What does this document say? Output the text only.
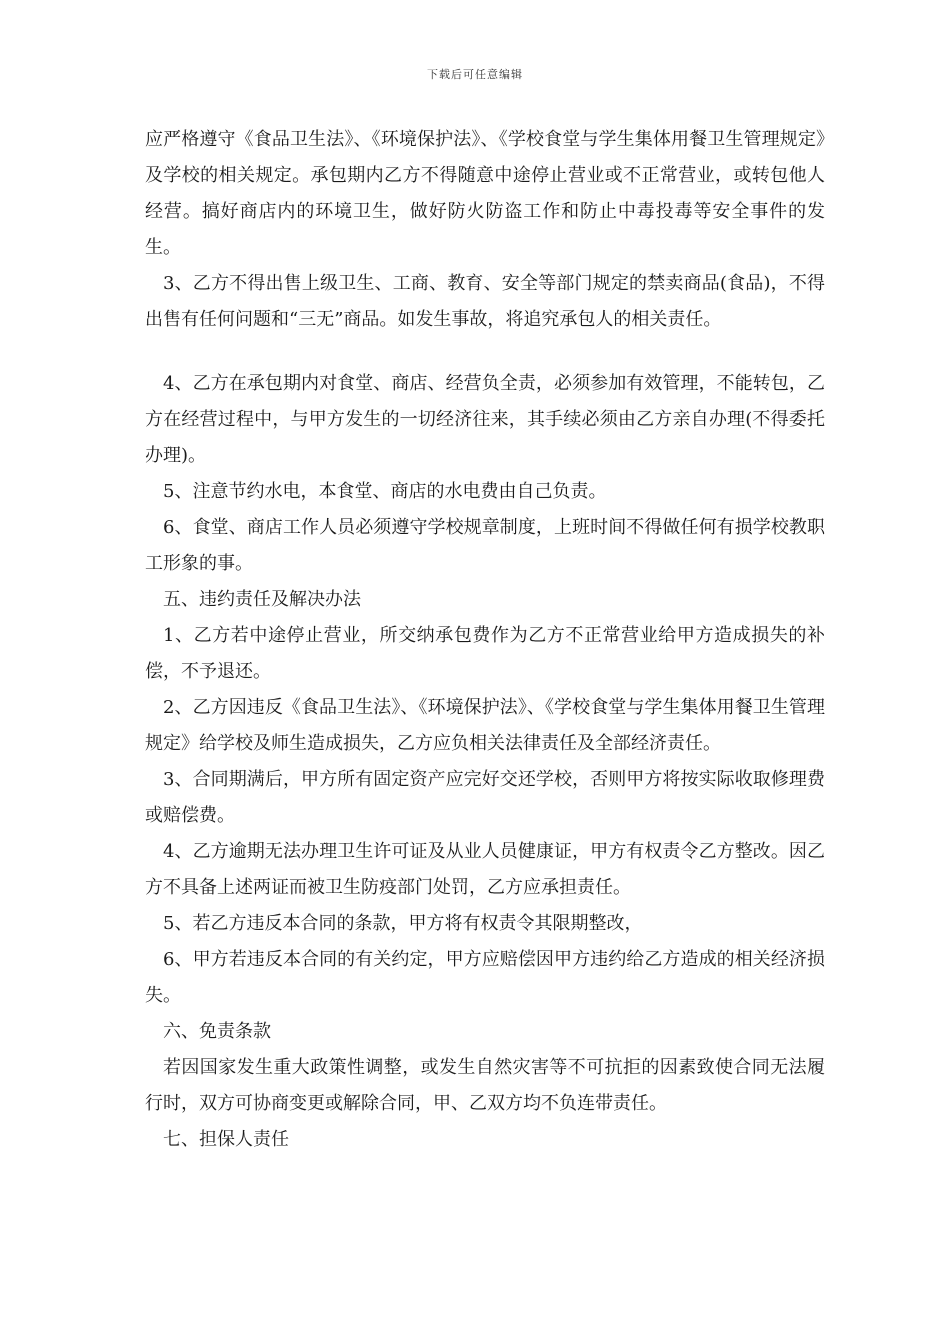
下载后可任意编辑

应严格遵守《食品卫生法》、《环境保护法》、《学校食堂与学生集体用餐卫生管理规定》及学校的相关规定。承包期内乙方不得随意中途停止营业或不正常营业，或转包他人经营。搞好商店内的环境卫生，做好防火防盗工作和防止中毒投毒等安全事件的发生。

3、乙方不得出售上级卫生、工商、教育、安全等部门规定的禁卖商品(食品)，不得出售有任何问题和“三无”商品。如发生事故，将追究承包人的相关责任。

4、乙方在承包期内对食堂、商店、经营负全责，必须参加有效管理，不能转包，乙方在经营过程中，与甲方发生的一切经济往来，其手续必须由乙方亲自办理(不得委托办理)。

5、注意节约水电，本食堂、商店的水电费由自己负责。

6、食堂、商店工作人员必须遵守学校规章制度，上班时间不得做任何有损学校教职工形象的事。

五、违约责任及解决办法

1、乙方若中途停止营业，所交纳承包费作为乙方不正常营业给甲方造成损失的补偿，不予退还。

2、乙方因违反《食品卫生法》、《环境保护法》、《学校食堂与学生集体用餐卫生管理规定》给学校及师生造成损失，乙方应负相关法律责任及全部经济责任。

3、合同期满后，甲方所有固定资产应完好交还学校，否则甲方将按实际收取修理费或赔偿费。

4、乙方逾期无法办理卫生许可证及从业人员健康证，甲方有权责令乙方整改。因乙方不具备上述两证而被卫生防疫部门处罚，乙方应承担责任。

5、若乙方违反本合同的条款，甲方将有权责令其限期整改，

6、甲方若违反本合同的有关约定，甲方应赔偿因甲方违约给乙方造成的相关经济损失。

六、免责条款

若因国家发生重大政策性调整，或发生自然灾害等不可抗拒的因素致使合同无法履行时，双方可协商变更或解除合同，甲、乙双方均不负连带责任。

七、担保人责任
